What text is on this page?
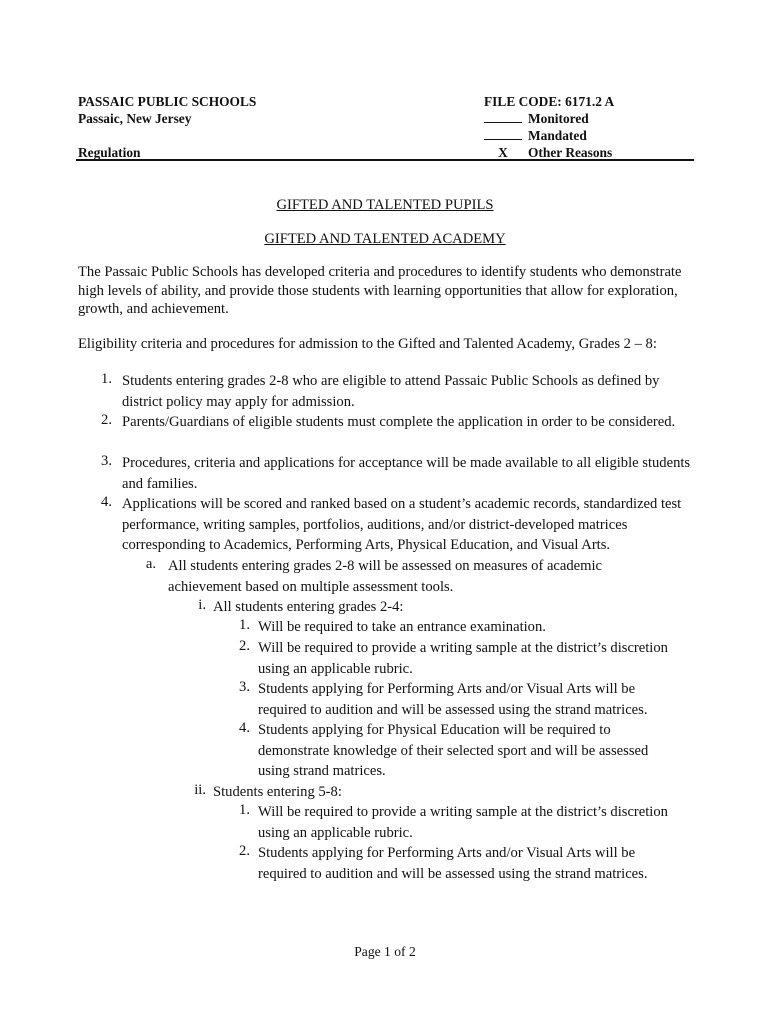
PASSAIC PUBLIC SCHOOLS
Passaic, New Jersey
Regulation
FILE CODE: 6171.2 A
Monitored
Mandated
X Other Reasons
GIFTED AND TALENTED PUPILS
GIFTED AND TALENTED ACADEMY
The Passaic Public Schools has developed criteria and procedures to identify students who demonstrate high levels of ability, and provide those students with learning opportunities that allow for exploration, growth, and achievement.
Eligibility criteria and procedures for admission to the Gifted and Talented Academy, Grades 2 – 8:
1. Students entering grades 2-8 who are eligible to attend Passaic Public Schools as defined by district policy may apply for admission.
2. Parents/Guardians of eligible students must complete the application in order to be considered.
3. Procedures, criteria and applications for acceptance will be made available to all eligible students and families.
4. Applications will be scored and ranked based on a student’s academic records, standardized test performance, writing samples, portfolios, auditions, and/or district-developed matrices corresponding to Academics, Performing Arts, Physical Education, and Visual Arts.
a. All students entering grades 2-8 will be assessed on measures of academic achievement based on multiple assessment tools.
i. All students entering grades 2-4:
1. Will be required to take an entrance examination.
2. Will be required to provide a writing sample at the district’s discretion using an applicable rubric.
3. Students applying for Performing Arts and/or Visual Arts will be required to audition and will be assessed using the strand matrices.
4. Students applying for Physical Education will be required to demonstrate knowledge of their selected sport and will be assessed using strand matrices.
ii. Students entering 5-8:
1. Will be required to provide a writing sample at the district’s discretion using an applicable rubric.
2. Students applying for Performing Arts and/or Visual Arts will be required to audition and will be assessed using the strand matrices.
Page 1 of 2
